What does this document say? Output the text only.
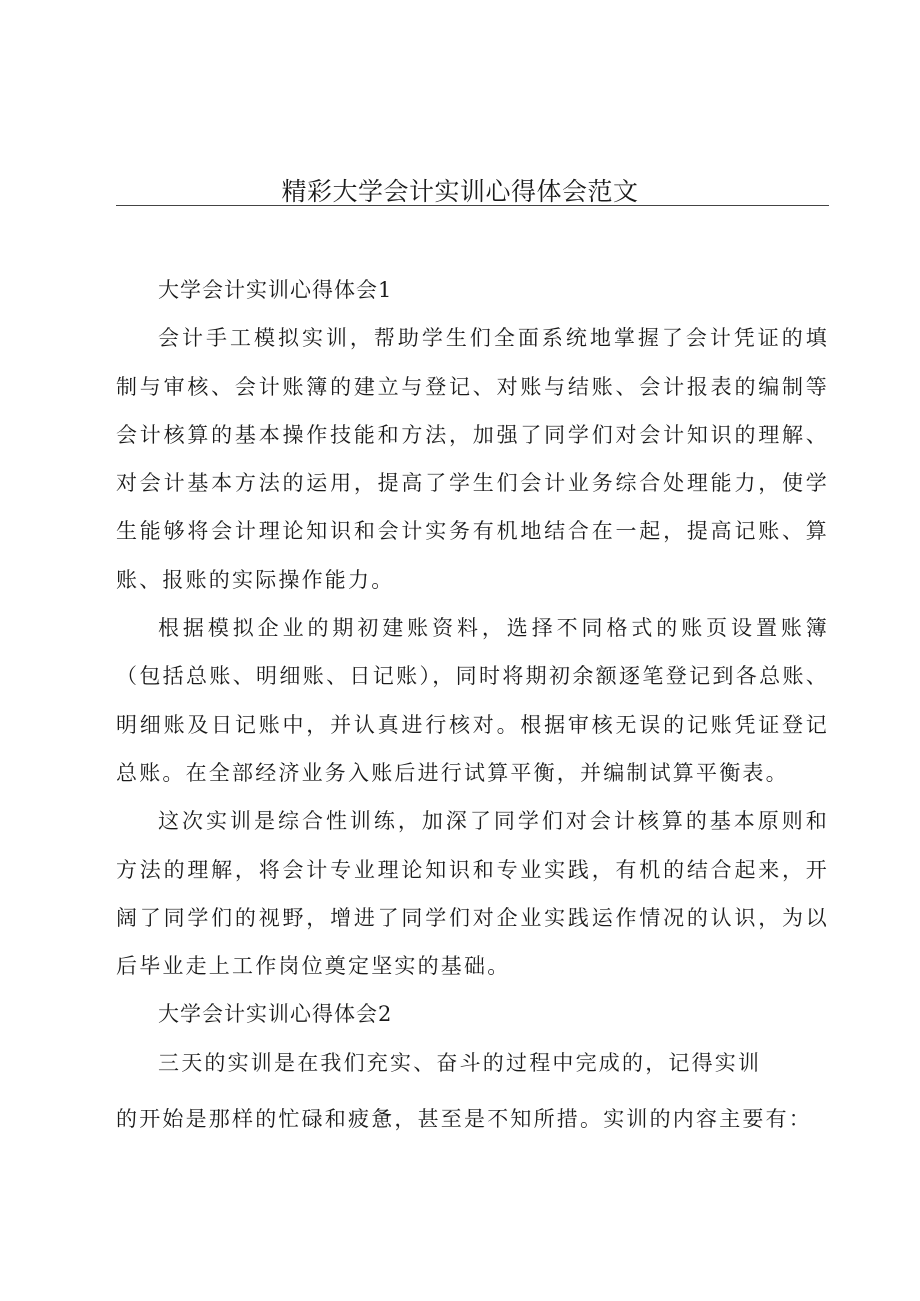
精彩大学会计实训心得体会范文

大学会计实训心得体会1

会计手工模拟实训，帮助学生们全面系统地掌握了会计凭证的填制与审核、会计账簿的建立与登记、对账与结账、会计报表的编制等会计核算的基本操作技能和方法，加强了同学们对会计知识的理解、对会计基本方法的运用，提高了学生们会计业务综合处理能力，使学生能够将会计理论知识和会计实务有机地结合在一起，提高记账、算账、报账的实际操作能力。

根据模拟企业的期初建账资料，选择不同格式的账页设置账簿（包括总账、明细账、日记账），同时将期初余额逐笔登记到各总账、明细账及日记账中，并认真进行核对。根据审核无误的记账凭证登记总账。在全部经济业务入账后进行试算平衡，并编制试算平衡表。

这次实训是综合性训练，加深了同学们对会计核算的基本原则和方法的理解，将会计专业理论知识和专业实践，有机的结合起来，开阔了同学们的视野，增进了同学们对企业实践运作情况的认识，为以后毕业走上工作岗位奠定坚实的基础。

大学会计实训心得体会2

三天的实训是在我们充实、奋斗的过程中完成的，记得实训

的开始是那样的忙碌和疲惫，甚至是不知所措。实训的内容主要有：
